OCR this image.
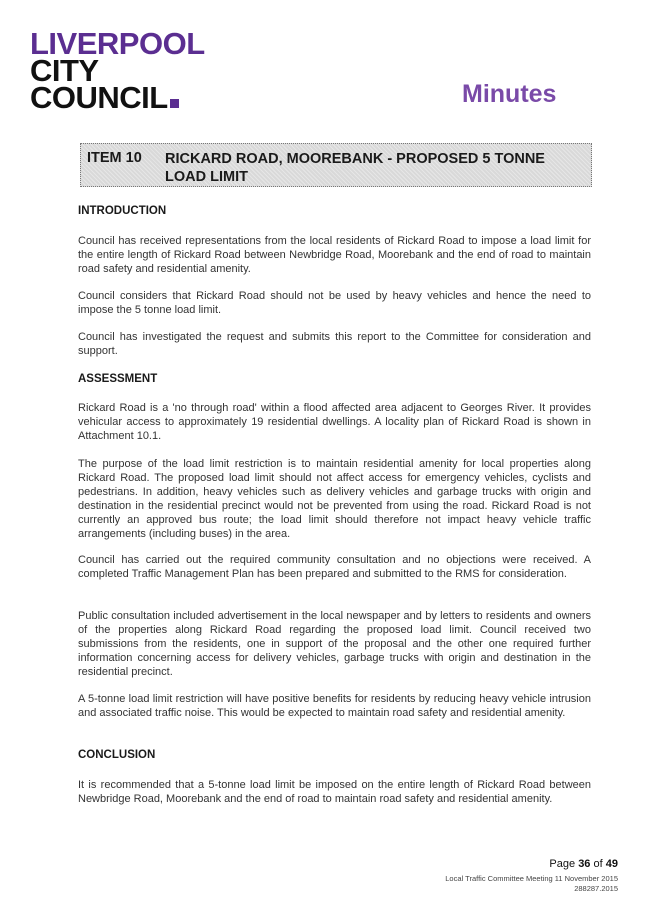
LIVERPOOL
CITY
COUNCIL	Minutes
ITEM 10 RICKARD ROAD, MOOREBANK - PROPOSED 5 TONNE LOAD LIMIT
INTRODUCTION
Council has received representations from the local residents of Rickard Road to impose a load limit for the entire length of Rickard Road between Newbridge Road, Moorebank and the end of road to maintain road safety and residential amenity.
Council considers that Rickard Road should not be used by heavy vehicles and hence the need to impose the 5 tonne load limit.
Council has investigated the request and submits this report to the Committee for consideration and support.
ASSESSMENT
Rickard Road is a 'no through road' within a flood affected area adjacent to Georges River. It provides vehicular access to approximately 19 residential dwellings. A locality plan of Rickard Road is shown in Attachment 10.1.
The purpose of the load limit restriction is to maintain residential amenity for local properties along Rickard Road. The proposed load limit should not affect access for emergency vehicles, cyclists and pedestrians. In addition, heavy vehicles such as delivery vehicles and garbage trucks with origin and destination in the residential precinct would not be prevented from using the road. Rickard Road is not currently an approved bus route; the load limit should therefore not impact heavy vehicle traffic arrangements (including buses) in the area.
Council has carried out the required community consultation and no objections were received. A completed Traffic Management Plan has been prepared and submitted to the RMS for consideration.
Public consultation included advertisement in the local newspaper and by letters to residents and owners of the properties along Rickard Road regarding the proposed load limit. Council received two submissions from the residents, one in support of the proposal and the other one required further information concerning access for delivery vehicles, garbage trucks with origin and destination in the residential precinct.
A 5-tonne load limit restriction will have positive benefits for residents by reducing heavy vehicle intrusion and associated traffic noise. This would be expected to maintain road safety and residential amenity.
CONCLUSION
It is recommended that a 5-tonne load limit be imposed on the entire length of Rickard Road between Newbridge Road, Moorebank and the end of road to maintain road safety and residential amenity.
Page 36 of 49
Local Traffic Committee Meeting 11 November 2015
288287.2015
